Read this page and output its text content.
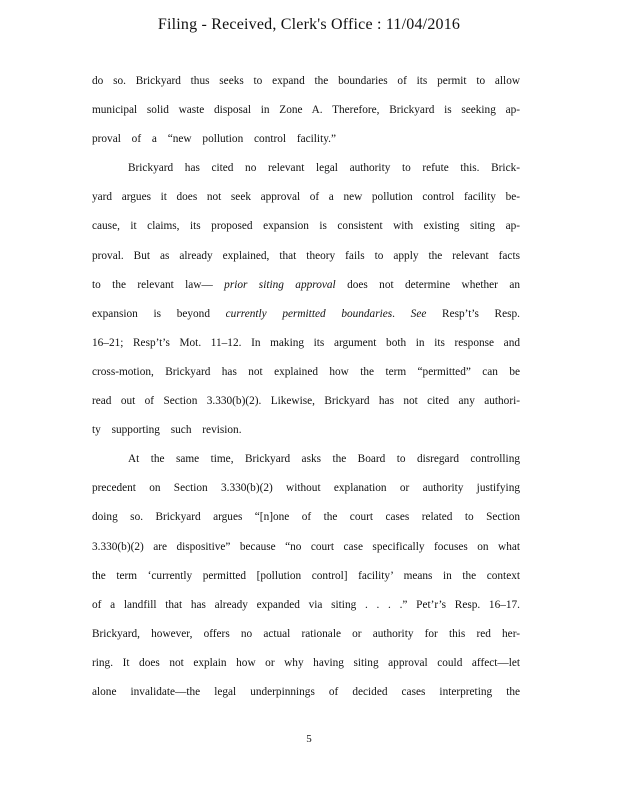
Filing - Received, Clerk's Office : 11/04/2016
do so. Brickyard thus seeks to expand the boundaries of its permit to allow
municipal solid waste disposal in Zone A. Therefore, Brickyard is seeking ap-
proval of a “new pollution control facility.”
Brickyard has cited no relevant legal authority to refute this. Brick-
yard argues it does not seek approval of a new pollution control facility be-
cause, it claims, its proposed expansion is consistent with existing siting ap-
proval. But as already explained, that theory fails to apply the relevant facts
to the relevant law— prior siting approval does not determine whether an
expansion is beyond currently permitted boundaries. See Resp’t’s Resp.
16–21; Resp’t’s Mot. 11–12. In making its argument both in its response and
cross-motion, Brickyard has not explained how the term “permitted” can be
read out of Section 3.330(b)(2). Likewise, Brickyard has not cited any authori-
ty supporting such revision.
At the same time, Brickyard asks the Board to disregard controlling
precedent on Section 3.330(b)(2) without explanation or authority justifying
doing so. Brickyard argues “[n]one of the court cases related to Section
3.330(b)(2) are dispositive” because “no court case specifically focuses on what
the term ‘currently permitted [pollution control] facility’ means in the context
of a landfill that has already expanded via siting . . . .” Pet’r’s Resp. 16–17.
Brickyard, however, offers no actual rationale or authority for this red her-
ring. It does not explain how or why having siting approval could affect—let
alone invalidate—the legal underpinnings of decided cases interpreting the
5
